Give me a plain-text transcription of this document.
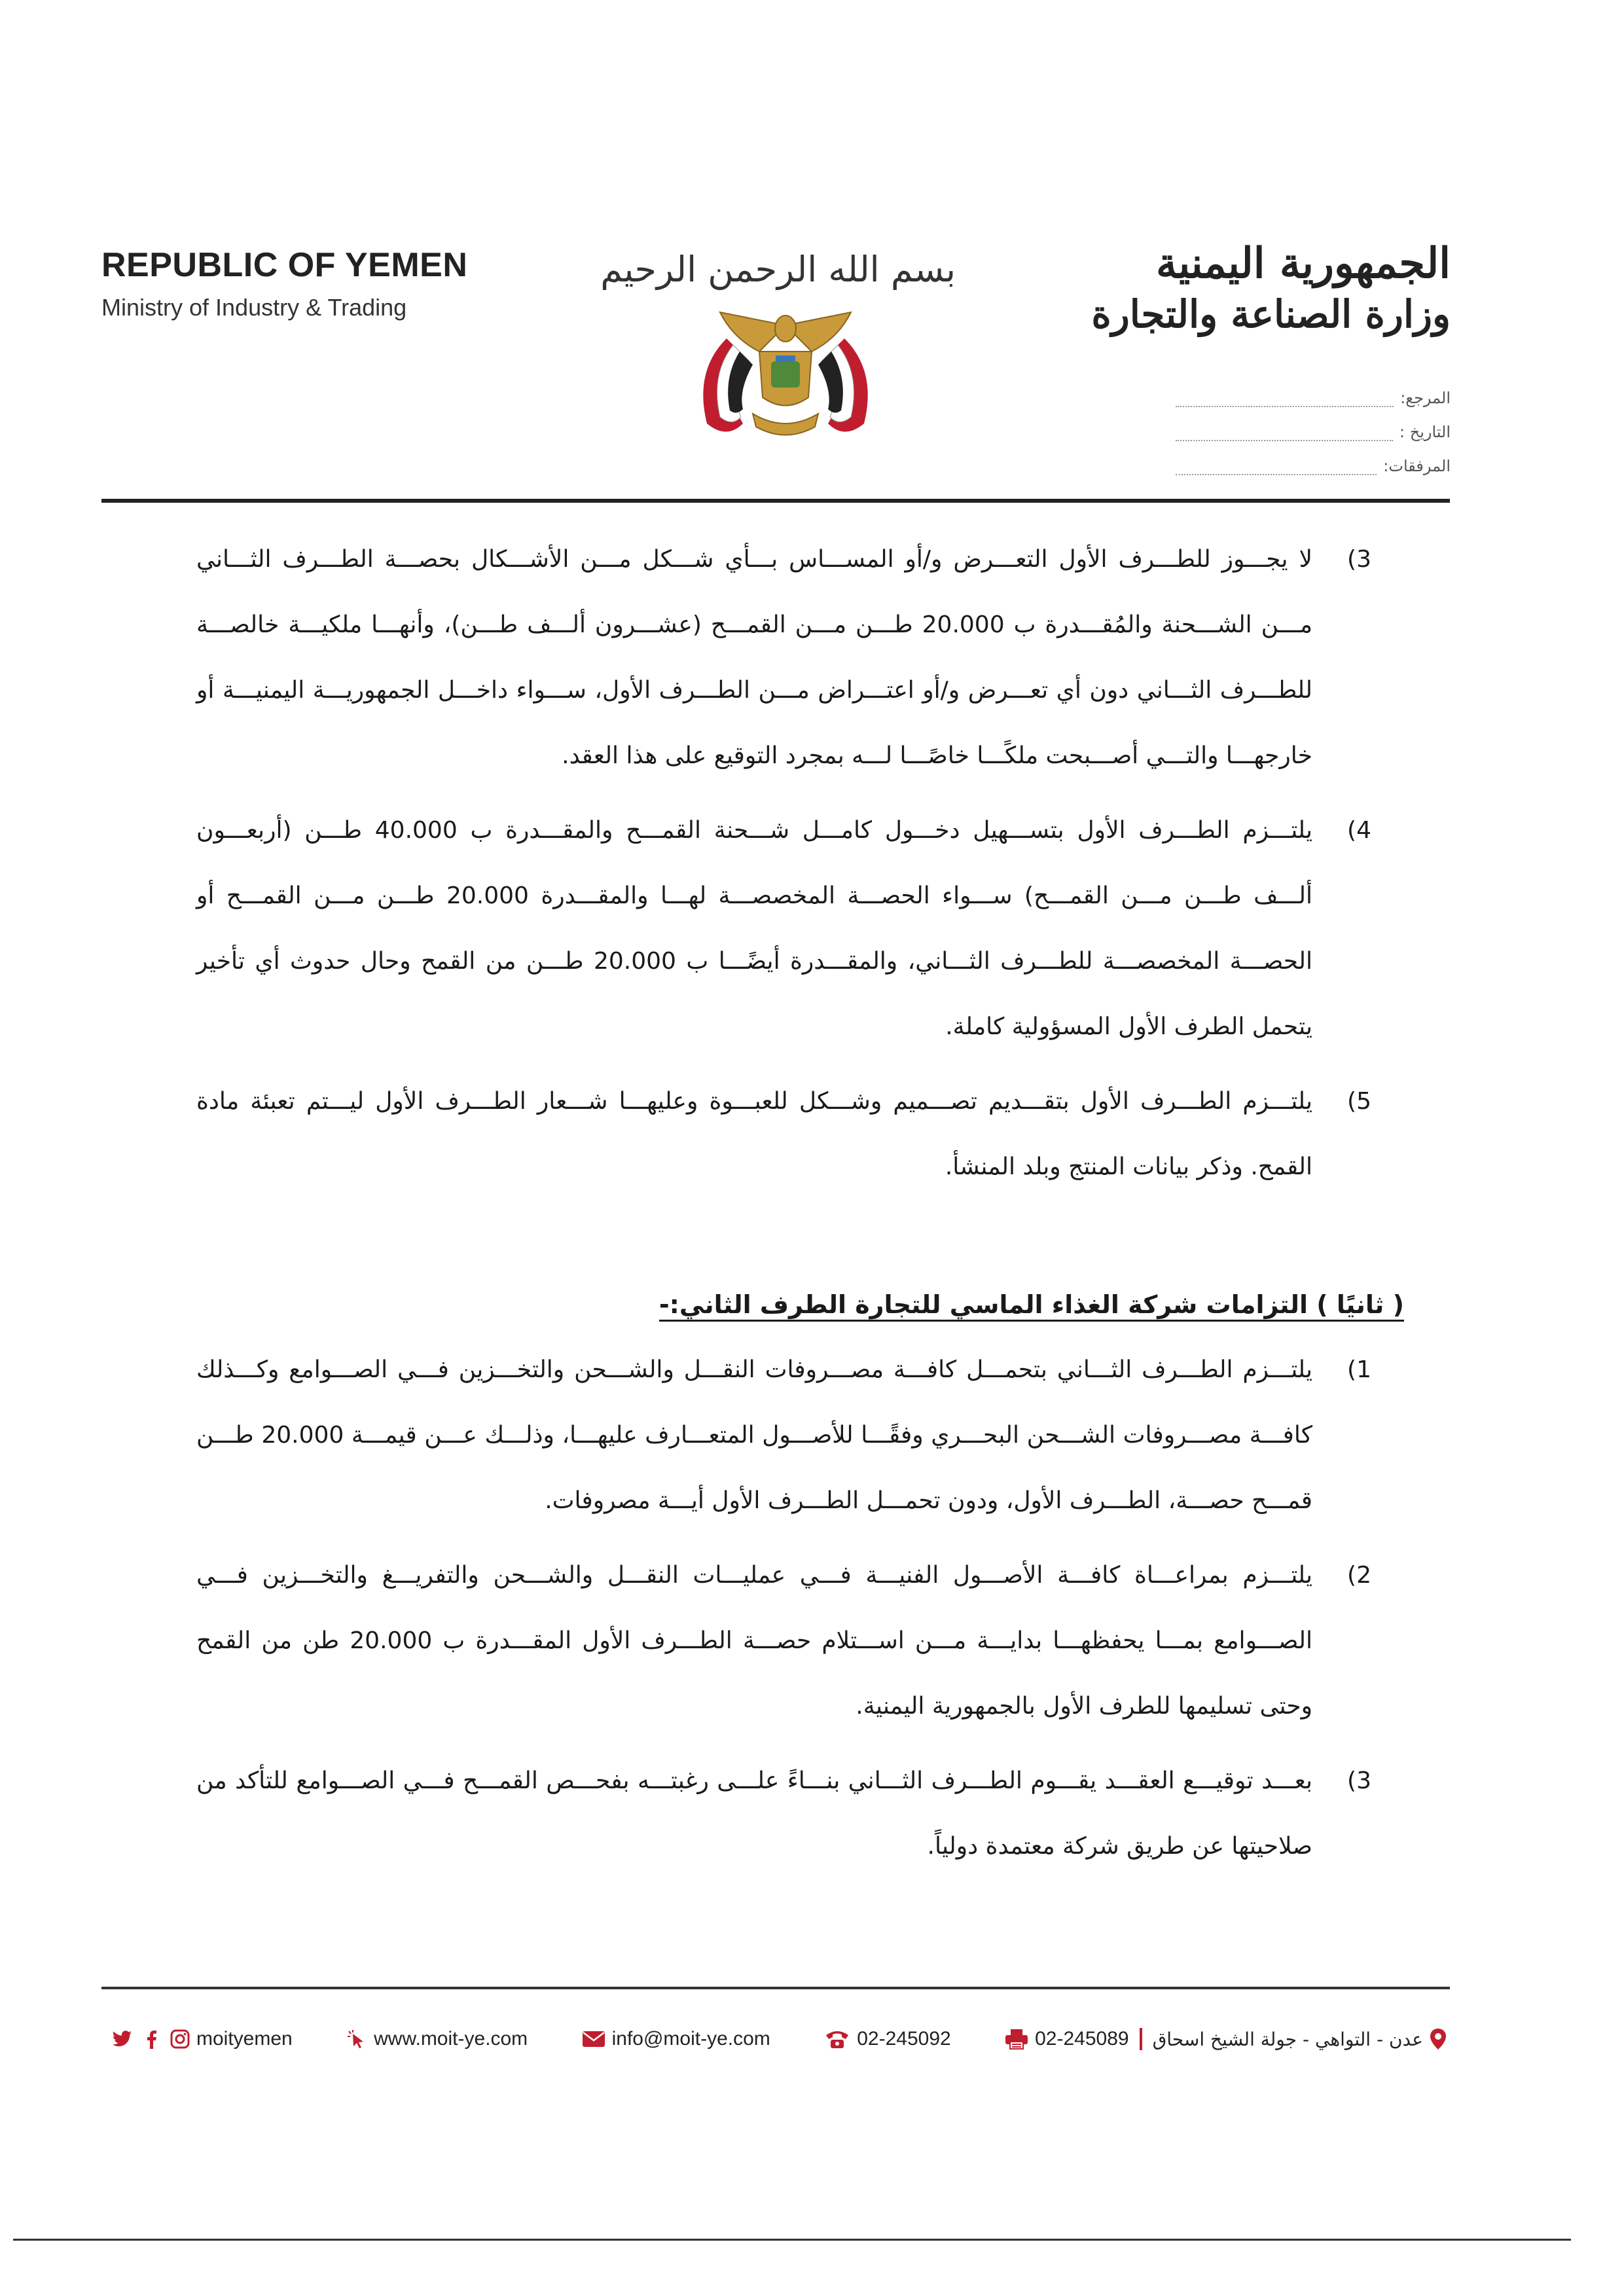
REPUBLIC OF YEMEN
Ministry of Industry & Trading
بسم الله الرحمن الرحيم	الجمهورية اليمنية
وزارة الصناعة والتجارة
المرجع:
التاريخ :
المرفقات:
3)
لا يجـــوز للطـــرف الأول التعـــرض و/أو المســـاس بـــأي شـــكل مـــن الأشـــكال بحصـــة الطـــرف الثـــاني مـــن الشـــحنة والمُقـــدرة ب 20.000 طـــن مـــن القمـــح (عشـــرون ألـــف طـــن)، وأنهـــا ملكيـــة خالصـــة للطـــرف الثـــاني دون أي تعـــرض و/أو اعتـــراض مـــن الطـــرف الأول، ســـواء داخـــل الجمهوريـــة اليمنيـــة أو خارجهـــا والتـــي أصـــبحت ملكًـــا خاصًـــا لـــه بمجرد التوقيع على هذا العقد.
4)
يلتـــزم الطـــرف الأول بتســـهيل دخـــول كامـــل شـــحنة القمـــح والمقـــدرة ب 40.000 طـــن (أربعـــون ألـــف طـــن مـــن القمـــح) ســـواء الحصـــة المخصصـــة لهـــا والمقـــدرة 20.000 طـــن مـــن القمـــح أو الحصـــة المخصصـــة للطـــرف الثـــاني، والمقـــدرة أيضًـــا ب 20.000 طـــن من القمح وحال حدوث أي تأخير يتحمل الطرف الأول المسؤولية كاملة.
5)
يلتـــزم الطـــرف الأول بتقـــديم تصـــميم وشـــكل للعبـــوة وعليهـــا شـــعار الطـــرف الأول ليـــتم تعبئة مادة القمح. وذكر بيانات المنتج وبلد المنشأ.
( ثانيًا ) التزامات شركة الغذاء الماسي للتجارة الطرف الثاني:-
1)
يلتـــزم الطـــرف الثـــاني بتحمـــل كافـــة مصـــروفات النقـــل والشـــحن والتخـــزين فـــي الصـــوامع وكـــذلك كافـــة مصـــروفات الشـــحن البحـــري وفقًـــا للأصـــول المتعـــارف عليهـــا، وذلـــك عـــن قيمـــة 20.000 طـــن قمـــح حصـــة، الطـــرف الأول، ودون تحمـــل الطـــرف الأول أيـــة مصروفات.
2)
يلتـــزم بمراعـــاة كافـــة الأصـــول الفنيـــة فـــي عمليـــات النقـــل والشـــحن والتفريـــغ والتخـــزين فـــي الصـــوامع بمـــا يحفظهـــا بدايـــة مـــن اســـتلام حصـــة الطـــرف الأول المقـــدرة ب 20.000 طن من القمح وحتى تسليمها للطرف الأول بالجمهورية اليمنية.
3)
بعـــد توقيـــع العقـــد يقـــوم الطـــرف الثـــاني بنـــاءً علـــى رغبتـــه بفحـــص القمـــح فـــي الصـــوامع للتأكد من صلاحيتها عن طريق شركة معتمدة دولياً.
moityemen	www.moit-ye.com	info@moit-ye.com	02-245092	02-245089 عدن - التواهي - جولة الشيخ اسحاق
